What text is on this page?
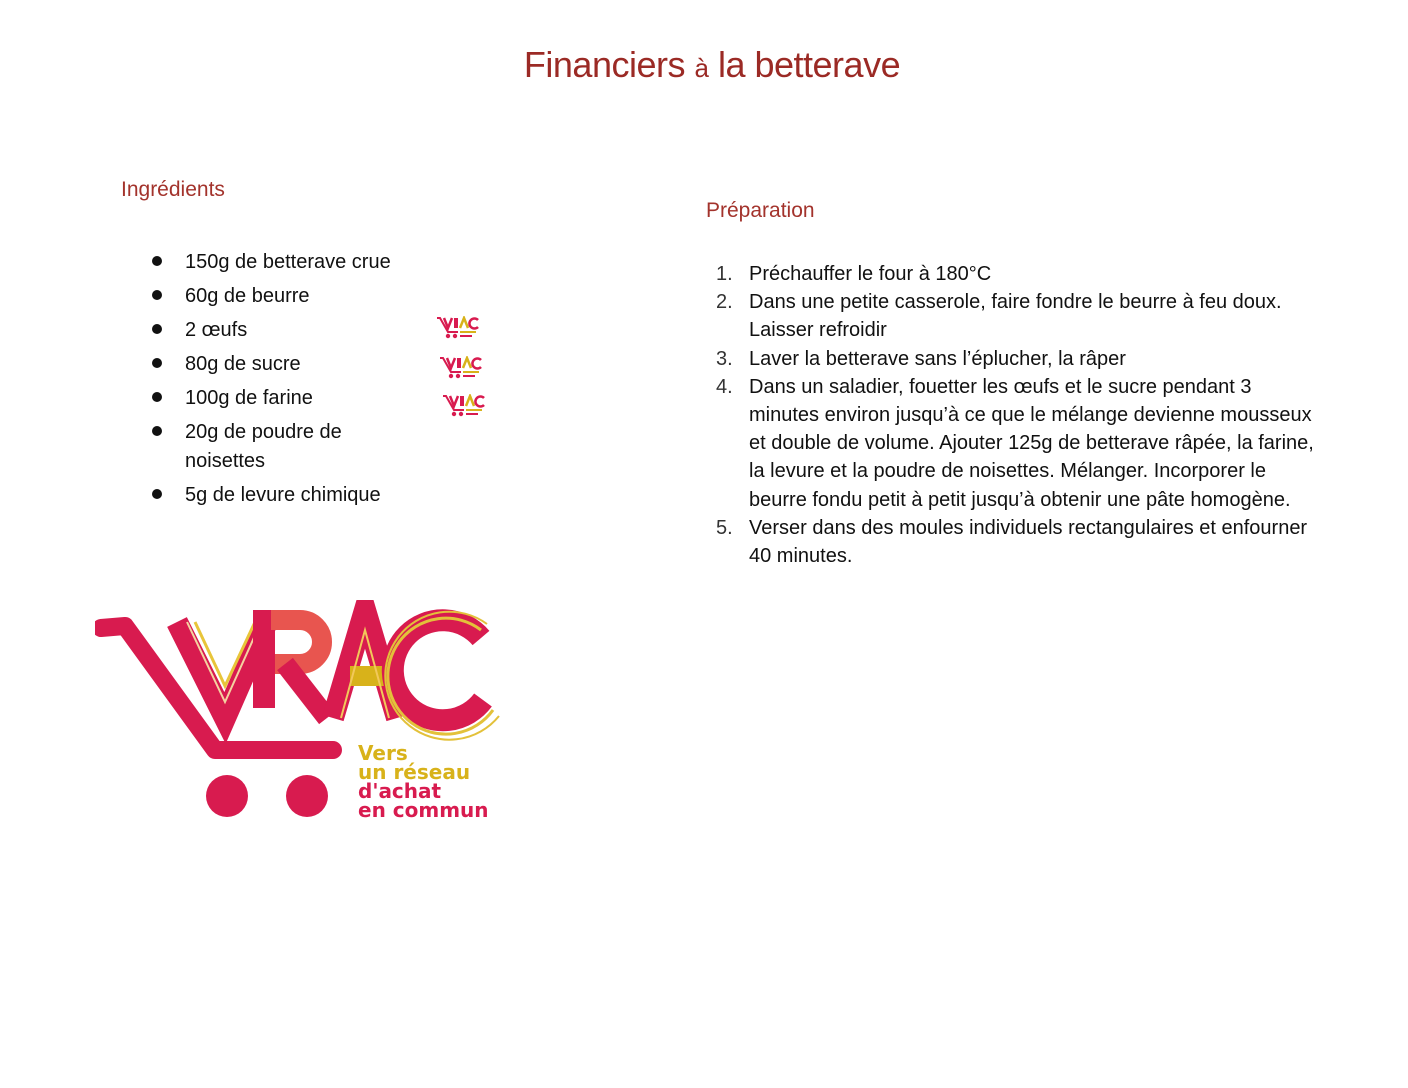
Financiers à la betterave
Ingrédients
150g de betterave crue
60g de beurre
2 œufs
80g de sucre
100g de farine
20g de poudre de noisettes
5g de levure chimique
Préparation
1. Préchauffer le four à 180°C
2. Dans une petite casserole, faire fondre le beurre à feu doux. Laisser refroidir
3. Laver la betterave sans l’éplucher, la râper
4. Dans un saladier, fouetter les œufs et le sucre pendant 3 minutes environ jusqu’à ce que le mélange devienne mousseux et double de volume. Ajouter 125g de betterave râpée, la farine, la levure et la poudre de noisettes. Mélanger. Incorporer le beurre fondu petit à petit jusqu’à obtenir une pâte homogène.
5. Verser dans des moules individuels rectangulaires et enfourner 40 minutes.
Vers
un réseau
d'achat
en commun
